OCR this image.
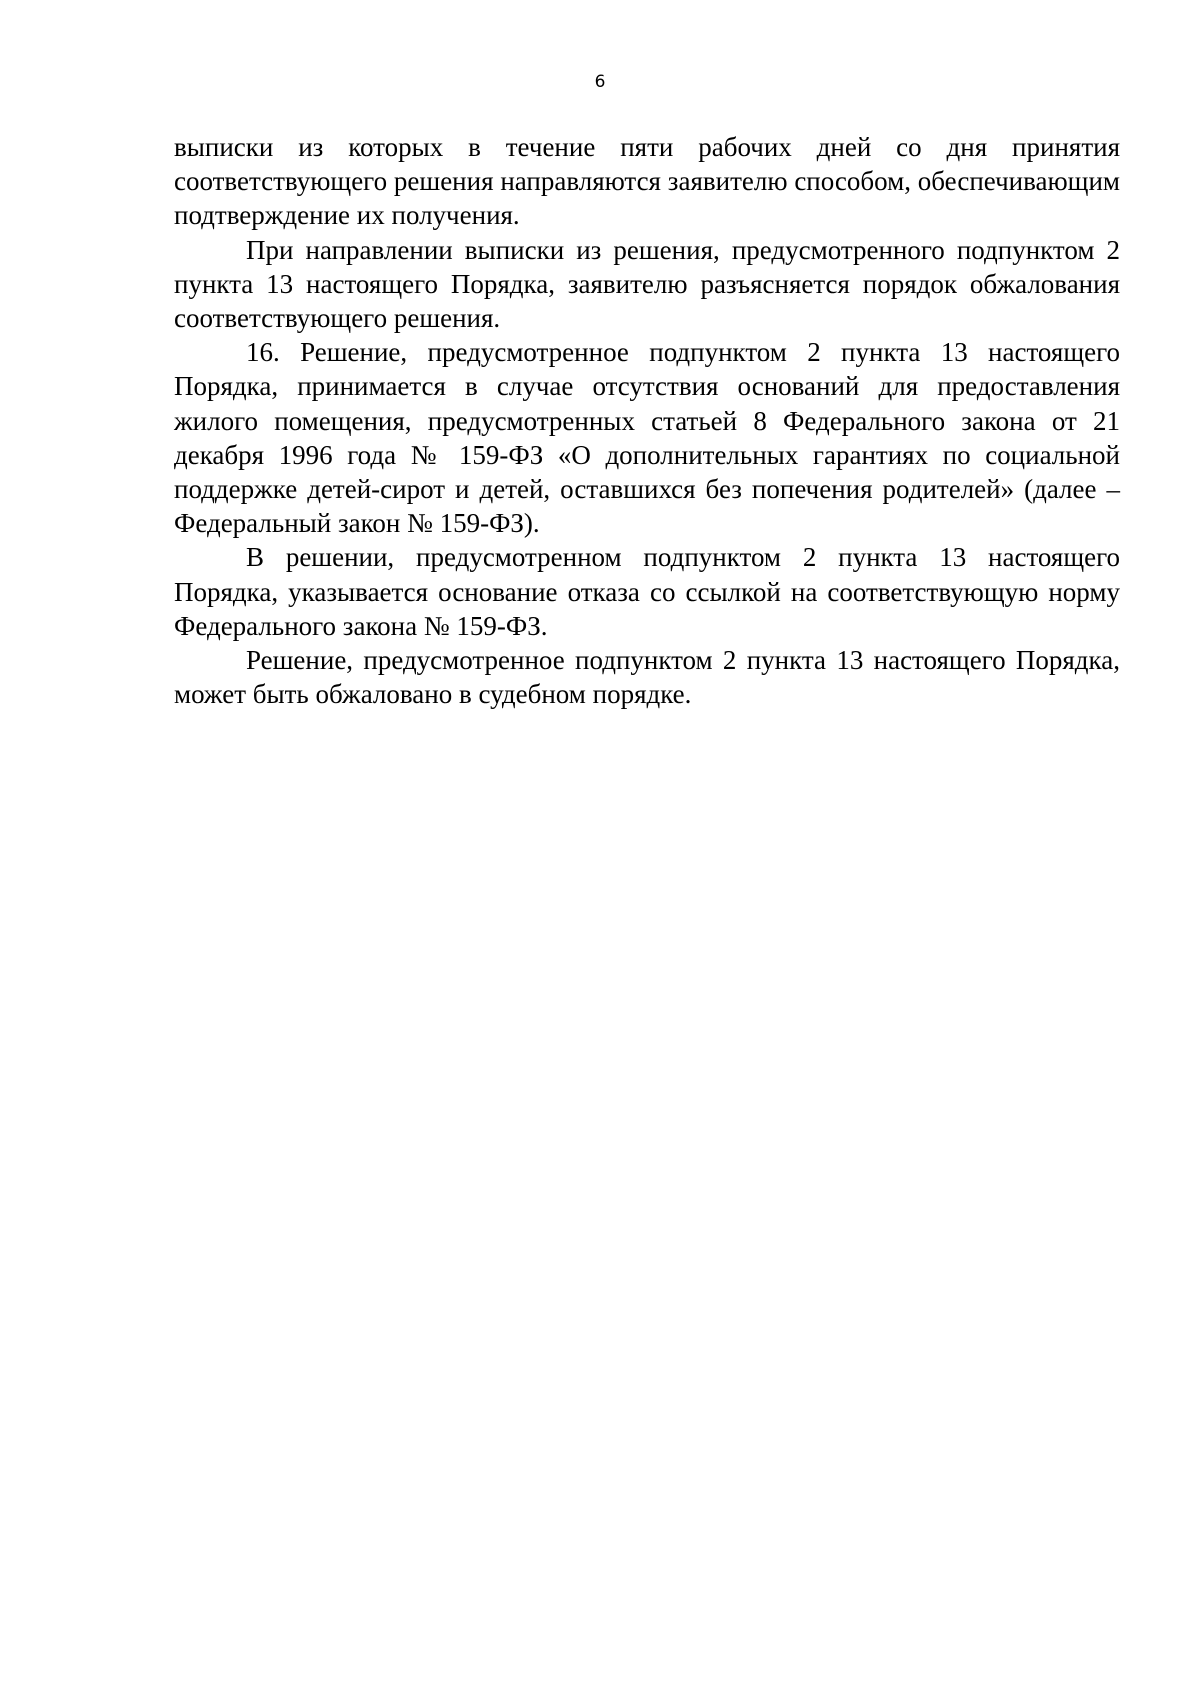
6

выписки из которых в течение пяти рабочих дней со дня принятия соответствующего решения направляются заявителю способом, обеспечивающим подтверждение их получения.

При направлении выписки из решения, предусмотренного подпунктом 2 пункта 13 настоящего Порядка, заявителю разъясняется порядок обжалования соответствующего решения.

16. Решение, предусмотренное подпунктом 2 пункта 13 настоящего Порядка, принимается в случае отсутствия оснований для предоставления жилого помещения, предусмотренных статьей 8 Федерального закона от 21 декабря 1996 года № 159-ФЗ «О дополнительных гарантиях по социальной поддержке детей-сирот и детей, оставшихся без попечения родителей» (далее – Федеральный закон № 159-ФЗ).

В решении, предусмотренном подпунктом 2 пункта 13 настоящего Порядка, указывается основание отказа со ссылкой на соответствующую норму Федерального закона № 159-ФЗ.

Решение, предусмотренное подпунктом 2 пункта 13 настоящего Порядка, может быть обжаловано в судебном порядке.
